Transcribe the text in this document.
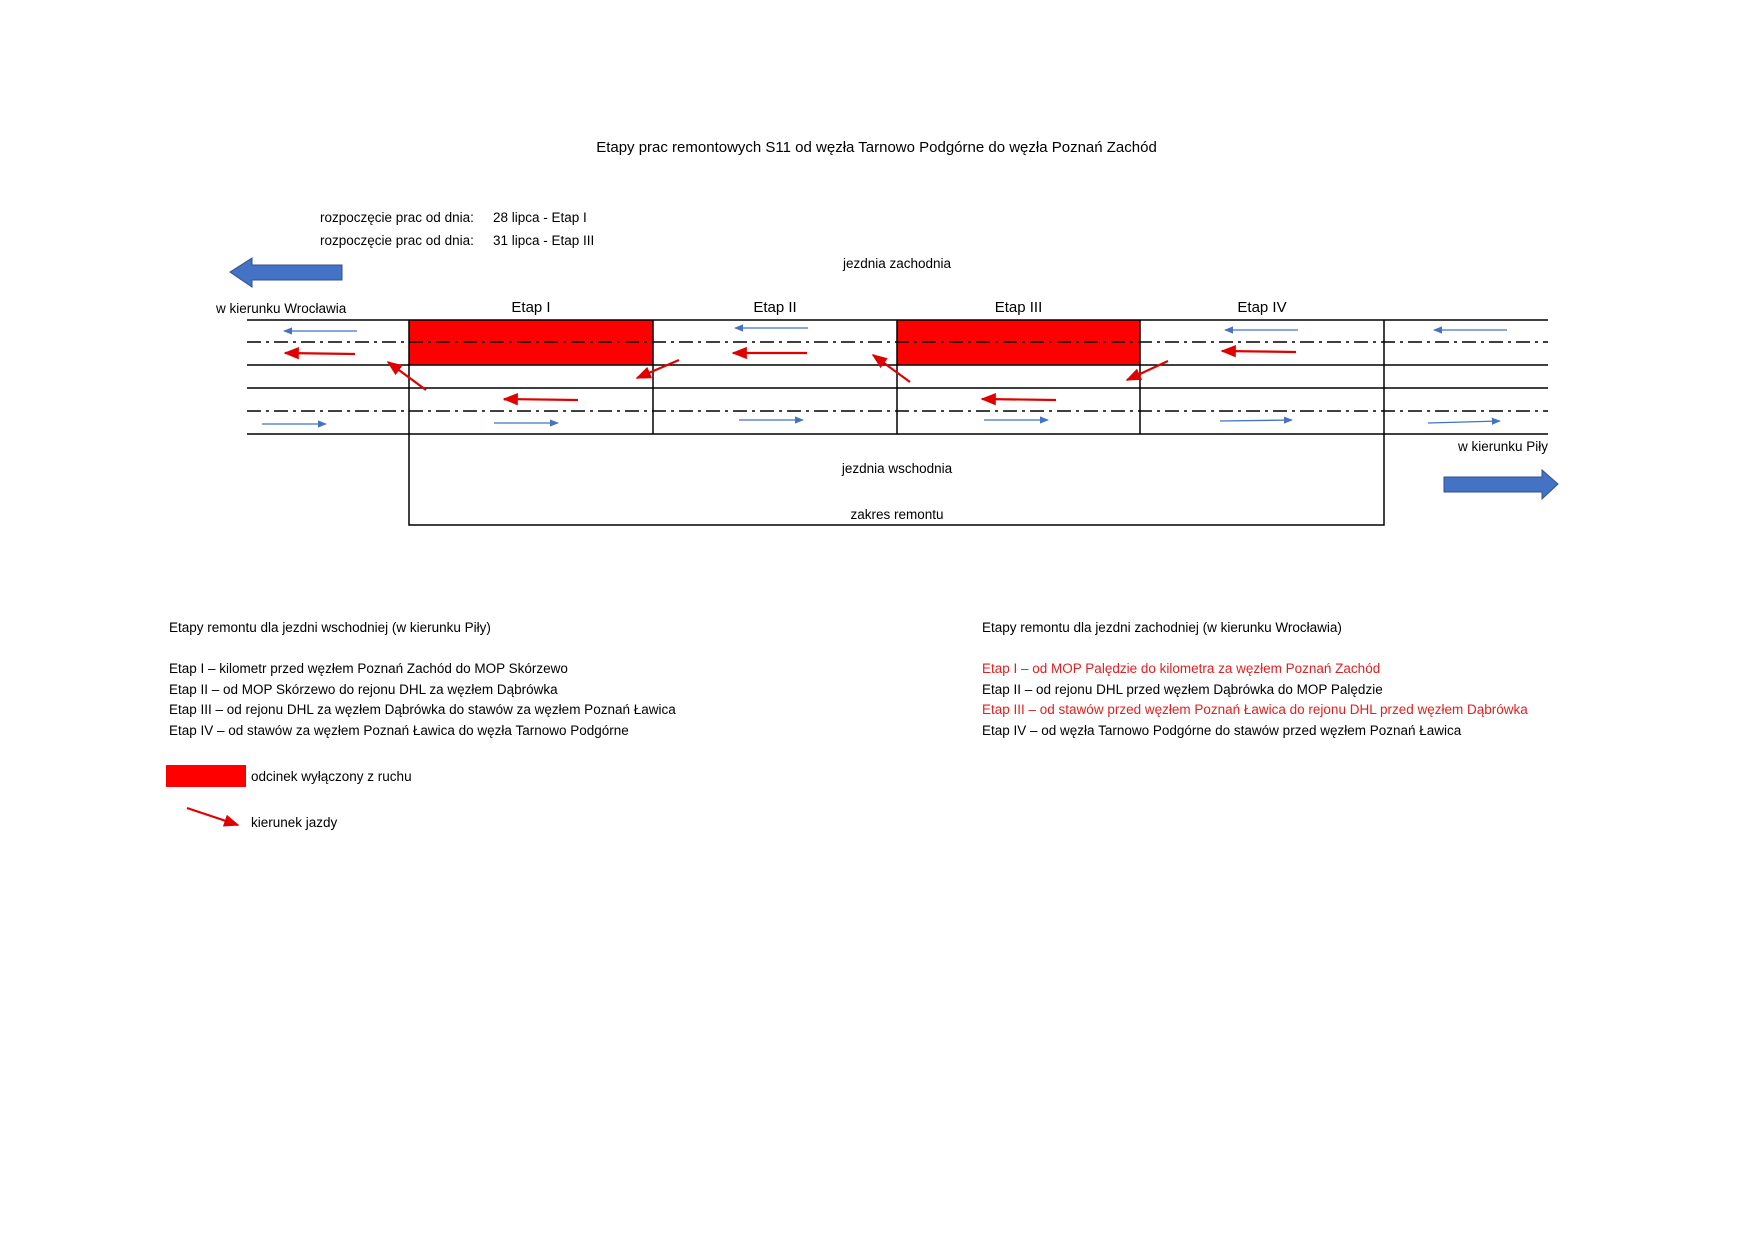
Etapy prac remontowych S11 od węzła Tarnowo Podgórne do węzła Poznań Zachód
rozpoczęcie prac od dnia: 28 lipca - Etap I
rozpoczęcie prac od dnia: 31 lipca - Etap III
jezdnia zachodnia
w kierunku Wrocławia
w kierunku Piły
Etap I	Etap II	Etap III	Etap IV
jezdnia wschodnia
zakres remontu
Etapy remontu dla jezdni wschodniej (w kierunku Piły)
Etap I – kilometr przed węzłem Poznań Zachód do MOP Skórzewo
Etap II – od MOP Skórzewo do rejonu DHL za węzłem Dąbrówka
Etap III – od rejonu DHL za węzłem Dąbrówka do stawów za węzłem Poznań Ławica
Etap IV – od stawów za węzłem Poznań Ławica do węzła Tarnowo Podgórne
Etapy remontu dla jezdni zachodniej (w kierunku Wrocławia)
Etap I – od MOP Palędzie do kilometra za węzłem Poznań Zachód
Etap II – od rejonu DHL przed węzłem Dąbrówka do MOP Palędzie
Etap III – od stawów przed węzłem Poznań Ławica do rejonu DHL przed węzłem Dąbrówka
Etap IV – od węzła Tarnowo Podgórne do stawów przed węzłem Poznań Ławica
odcinek wyłączony z ruchu
kierunek jazdy
